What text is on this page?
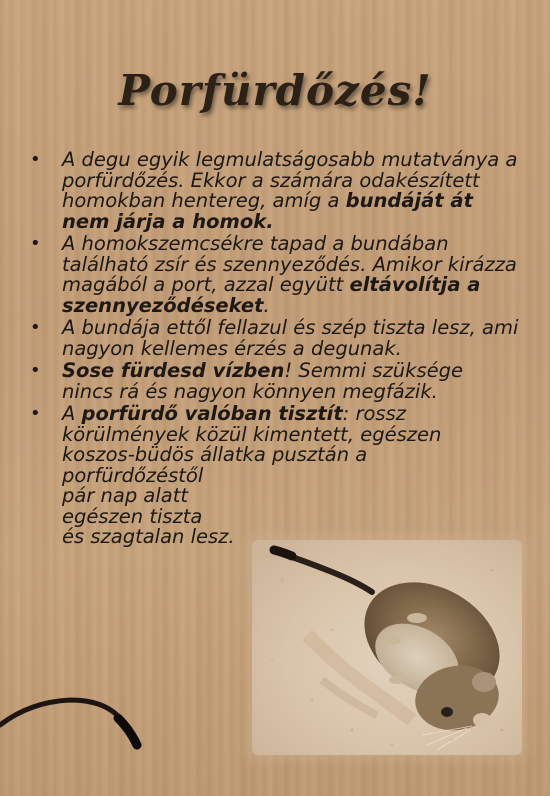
Porfürdőzés!
• A degu egyik legmulatságosabb mutatványa a porfürdőzés. Ekkor a számára odakészített homokban hentereg, amíg a bundáját át nem járja a homok.
• A homokszemcsékre tapad a bundában található zsír és szennyeződés. Amikor kirázza magából a port, azzal együtt eltávolítja a szennyeződéseket.
• A bundája ettől fellazul és szép tiszta lesz, ami nagyon kellemes érzés a degunak.
• Sose fürdesd vízben! Semmi szüksége nincs rá és nagyon könnyen megfázik.
• A porfürdő valóban tisztít: rossz körülmények közül kimentett, egészen koszos-büdös állatka pusztán a
porfürdőzéstől
pár nap alatt
egészen tiszta
és szagtalan lesz.
